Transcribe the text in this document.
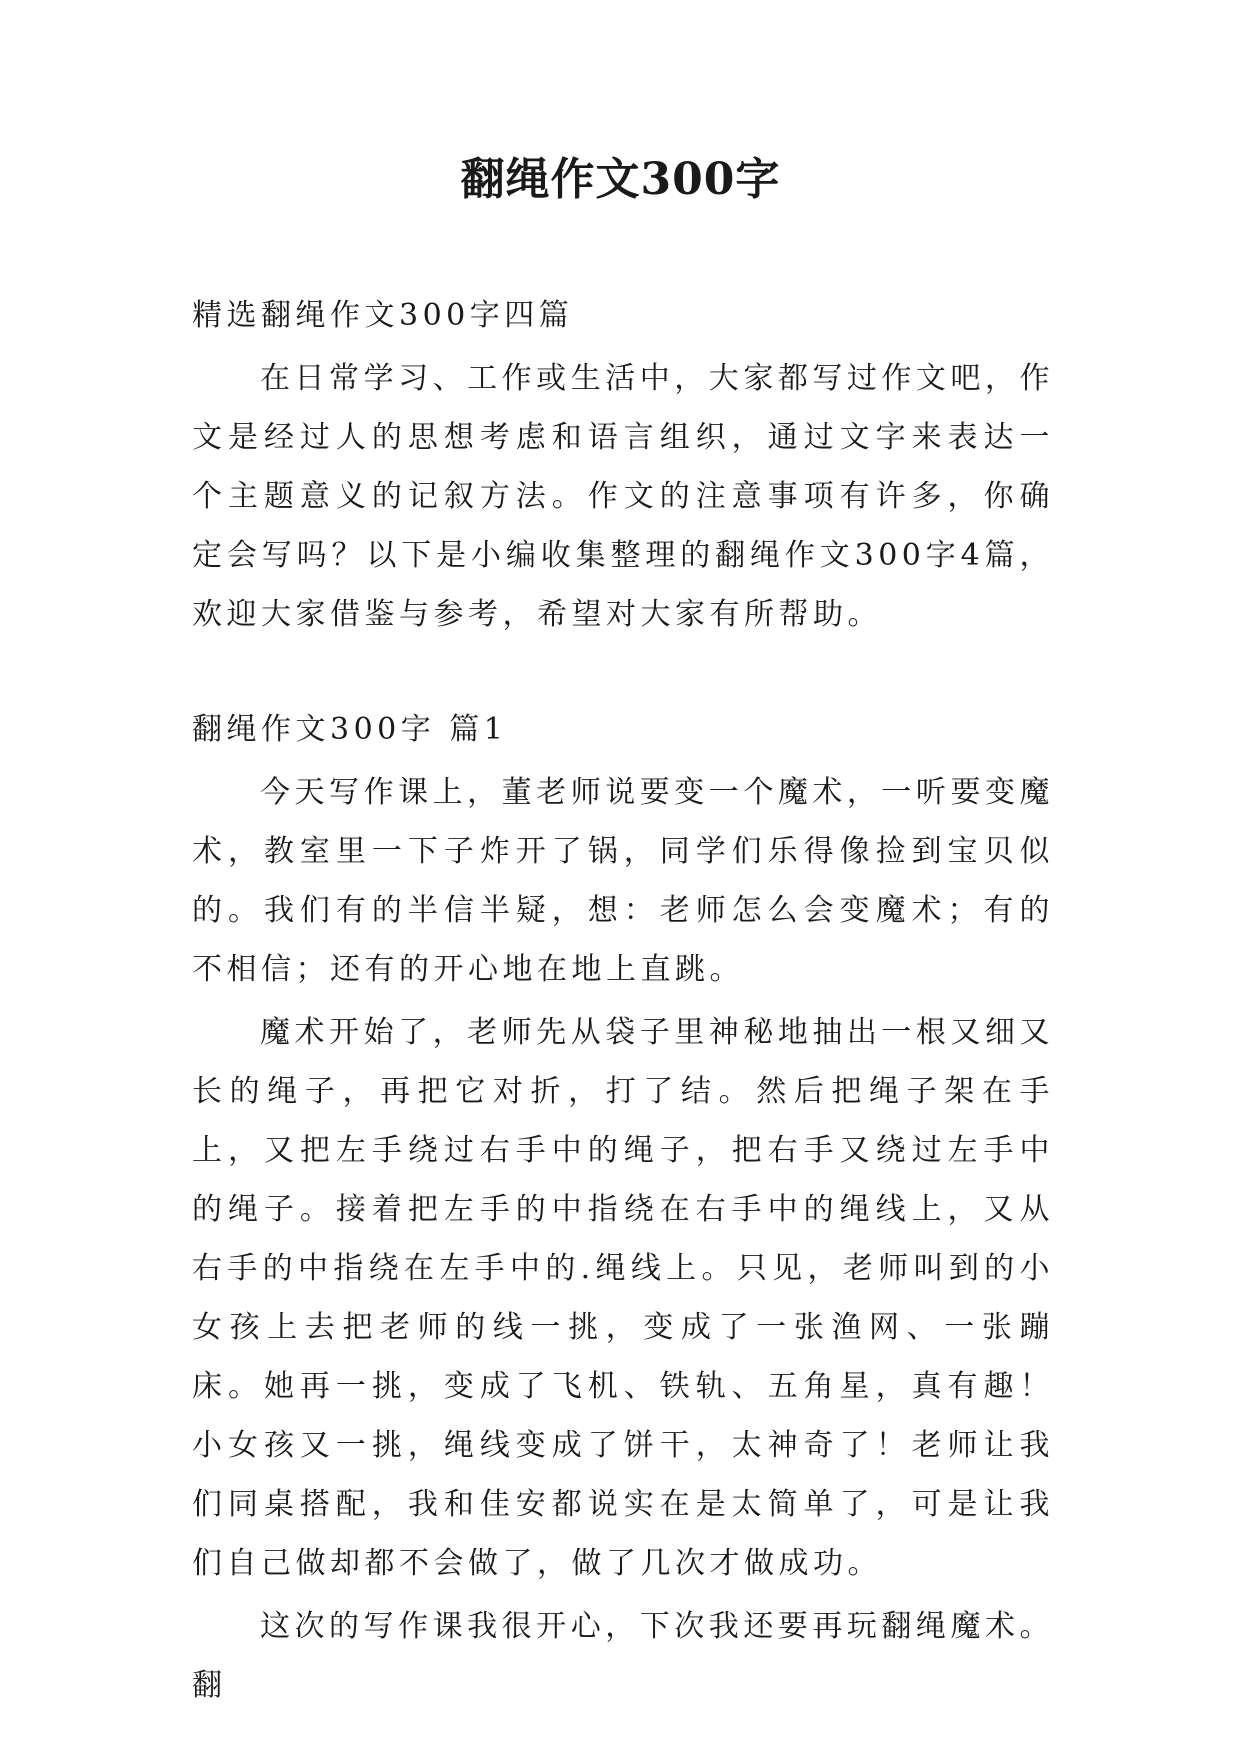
翻绳作文300字

精选翻绳作文300字四篇

在日常学习、工作或生活中，大家都写过作文吧，作文是经过人的思想考虑和语言组织，通过文字来表达一个主题意义的记叙方法。作文的注意事项有许多，你确定会写吗？以下是小编收集整理的翻绳作文300字4篇，欢迎大家借鉴与参考，希望对大家有所帮助。

翻绳作文300字 篇1

今天写作课上，董老师说要变一个魔术，一听要变魔术，教室里一下子炸开了锅，同学们乐得像捡到宝贝似的。我们有的半信半疑，想：老师怎么会变魔术；有的不相信；还有的开心地在地上直跳。

魔术开始了，老师先从袋子里神秘地抽出一根又细又长的绳子，再把它对折，打了结。然后把绳子架在手上，又把左手绕过右手中的绳子，把右手又绕过左手中的绳子。接着把左手的中指绕在右手中的绳线上，又从右手的中指绕在左手中的.绳线上。只见，老师叫到的小女孩上去把老师的线一挑，变成了一张渔网、一张蹦床。她再一挑，变成了飞机、铁轨、五角星，真有趣！小女孩又一挑，绳线变成了饼干，太神奇了！老师让我们同桌搭配，我和佳安都说实在是太简单了，可是让我们自己做却都不会做了，做了几次才做成功。

这次的写作课我很开心，下次我还要再玩翻绳魔术。翻
